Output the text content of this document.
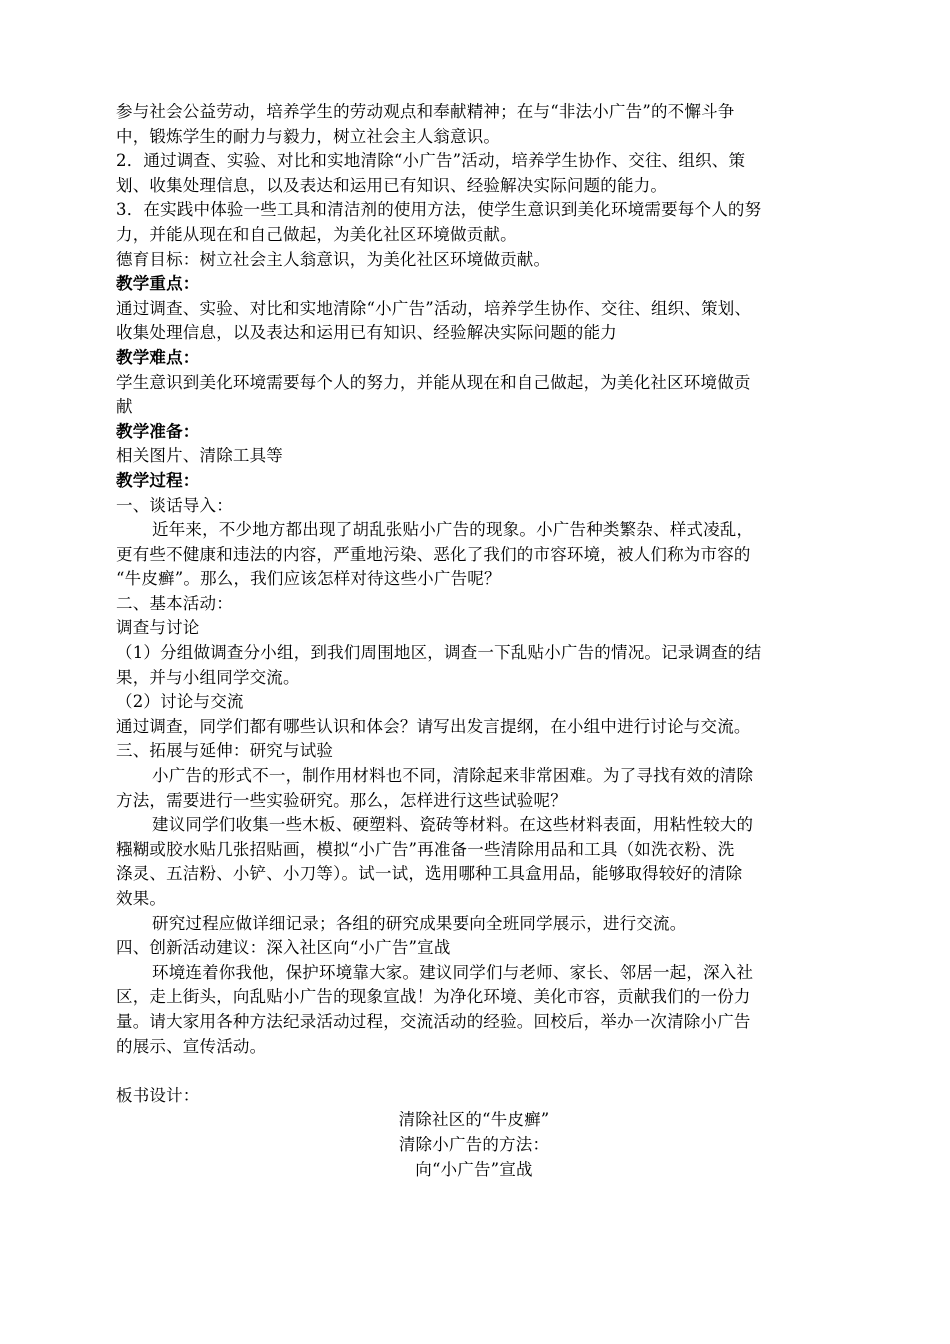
参与社会公益劳动，培养学生的劳动观点和奉献精神；在与“非法小广告”的不懈斗争
中，锻炼学生的耐力与毅力，树立社会主人翁意识。
2．通过调查、实验、对比和实地清除“小广告”活动，培养学生协作、交往、组织、策
划、收集处理信息，以及表达和运用已有知识、经验解决实际问题的能力。
3．在实践中体验一些工具和清洁剂的使用方法，使学生意识到美化环境需要每个人的努
力，并能从现在和自己做起，为美化社区环境做贡献。
德育目标：树立社会主人翁意识，为美化社区环境做贡献。
教学重点：
通过调查、实验、对比和实地清除“小广告”活动，培养学生协作、交往、组织、策划、
收集处理信息，以及表达和运用已有知识、经验解决实际问题的能力
教学难点：
学生意识到美化环境需要每个人的努力，并能从现在和自己做起，为美化社区环境做贡
献
教学准备：
相关图片、清除工具等
教学过程：
一、谈话导入：
近年来，不少地方都出现了胡乱张贴小广告的现象。小广告种类繁杂、样式凌乱，
更有些不健康和违法的内容，严重地污染、恶化了我们的市容环境，被人们称为市容的
“牛皮癣”。那么，我们应该怎样对待这些小广告呢？
二、基本活动：
调查与讨论
（1）分组做调查分小组，到我们周围地区，调查一下乱贴小广告的情况。记录调查的结
果，并与小组同学交流。
（2）讨论与交流
通过调查，同学们都有哪些认识和体会？请写出发言提纲，在小组中进行讨论与交流。
三、拓展与延伸：研究与试验
小广告的形式不一，制作用材料也不同，清除起来非常困难。为了寻找有效的清除
方法，需要进行一些实验研究。那么，怎样进行这些试验呢？
建议同学们收集一些木板、硬塑料、瓷砖等材料。在这些材料表面，用粘性较大的
糨糊或胶水贴几张招贴画，模拟“小广告”再准备一些清除用品和工具（如洗衣粉、洗
涤灵、五洁粉、小铲、小刀等）。试一试，选用哪种工具盒用品，能够取得较好的清除
效果。
研究过程应做详细记录；各组的研究成果要向全班同学展示，进行交流。
四、创新活动建议：深入社区向“小广告”宣战
环境连着你我他，保护环境靠大家。建议同学们与老师、家长、邻居一起，深入社
区，走上街头，向乱贴小广告的现象宣战！为净化环境、美化市容，贡献我们的一份力
量。请大家用各种方法纪录活动过程，交流活动的经验。回校后，举办一次清除小广告
的展示、宣传活动。
板书设计：
清除社区的“牛皮癣”
清除小广告的方法：
向“小广告”宣战
